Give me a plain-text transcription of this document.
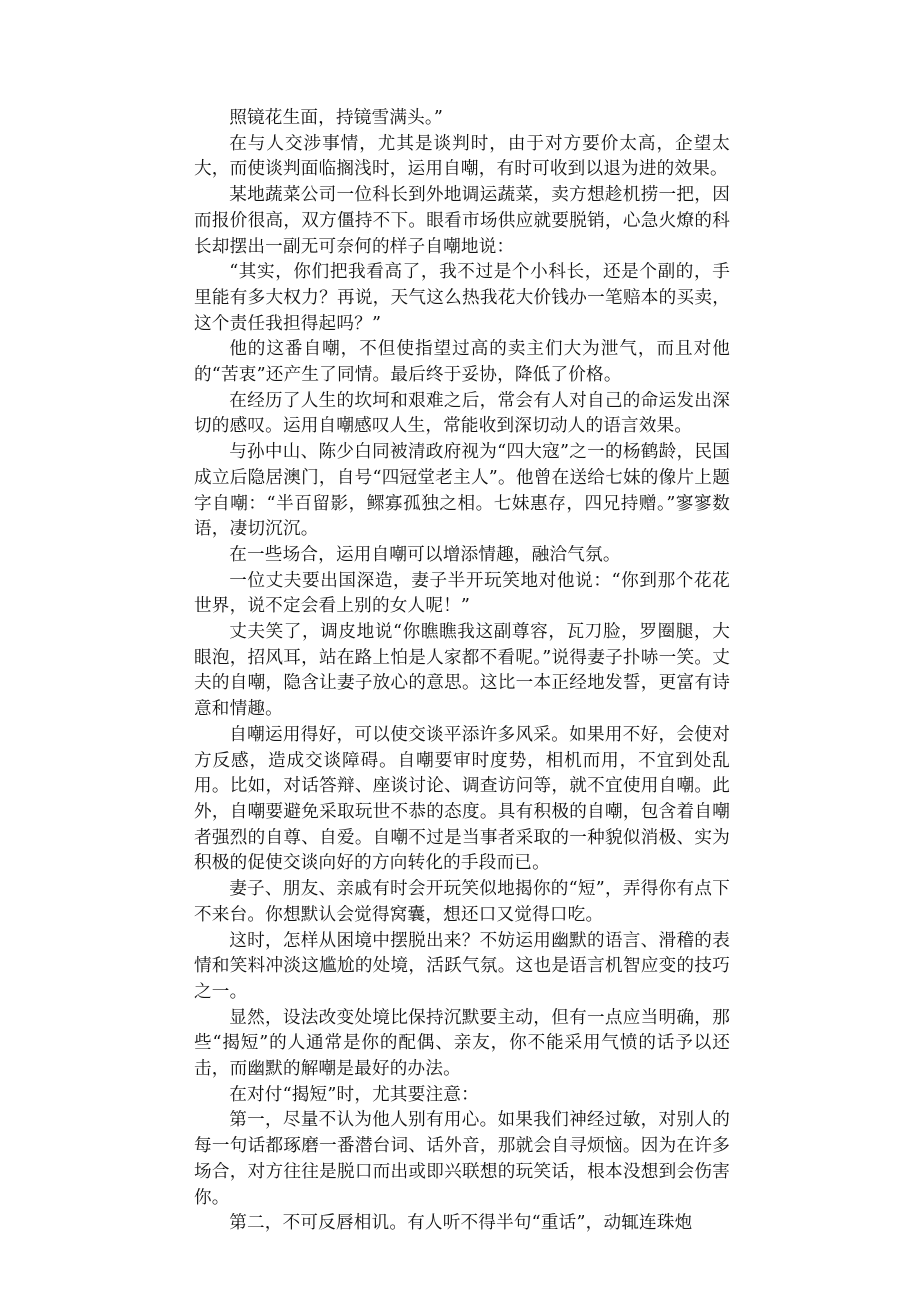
照镜花生面，持镜雪满头。”

在与人交涉事情，尤其是谈判时，由于对方要价太高，企望太大，而使谈判面临搁浅时，运用自嘲，有时可收到以退为进的效果。

某地蔬菜公司一位科长到外地调运蔬菜，卖方想趁机捞一把，因而报价很高，双方僵持不下。眼看市场供应就要脱销，心急火燎的科长却摆出一副无可奈何的样子自嘲地说：

“其实，你们把我看高了，我不过是个小科长，还是个副的，手里能有多大权力？再说，天气这么热我花大价钱办一笔赔本的买卖，这个责任我担得起吗？”

他的这番自嘲，不但使指望过高的卖主们大为泄气，而且对他的“苦衷”还产生了同情。最后终于妥协，降低了价格。

在经历了人生的坎坷和艰难之后，常会有人对自己的命运发出深切的感叹。运用自嘲感叹人生，常能收到深切动人的语言效果。

与孙中山、陈少白同被清政府视为“四大寇”之一的杨鹤龄，民国成立后隐居澳门，自号“四冠堂老主人”。他曾在送给七妹的像片上题字自嘲：“半百留影，鳏寡孤独之相。七妹惠存，四兄持赠。”寥寥数语，凄切沉沉。

在一些场合，运用自嘲可以增添情趣，融洽气氛。

一位丈夫要出国深造，妻子半开玩笑地对他说：“你到那个花花世界，说不定会看上别的女人呢！”

丈夫笑了，调皮地说“你瞧瞧我这副尊容，瓦刀脸，罗圈腿，大眼泡，招风耳，站在路上怕是人家都不看呢。”说得妻子扑哧一笑。丈夫的自嘲，隐含让妻子放心的意思。这比一本正经地发誓，更富有诗意和情趣。

自嘲运用得好，可以使交谈平添许多风采。如果用不好，会使对方反感，造成交谈障碍。自嘲要审时度势，相机而用，不宜到处乱用。比如，对话答辩、座谈讨论、调查访问等，就不宜使用自嘲。此外，自嘲要避免采取玩世不恭的态度。具有积极的自嘲，包含着自嘲者强烈的自尊、自爱。自嘲不过是当事者采取的一种貌似消极、实为积极的促使交谈向好的方向转化的手段而已。

妻子、朋友、亲戚有时会开玩笑似地揭你的“短”，弄得你有点下不来台。你想默认会觉得窝囊，想还口又觉得口吃。

这时，怎样从困境中摆脱出来？不妨运用幽默的语言、滑稽的表情和笑料冲淡这尴尬的处境，活跃气氛。这也是语言机智应变的技巧之一。

显然，设法改变处境比保持沉默要主动，但有一点应当明确，那些“揭短”的人通常是你的配偶、亲友，你不能采用气愤的话予以还击，而幽默的解嘲是最好的办法。

在对付“揭短”时，尤其要注意：

第一，尽量不认为他人别有用心。如果我们神经过敏，对别人的每一句话都琢磨一番潜台词、话外音，那就会自寻烦恼。因为在许多场合，对方往往是脱口而出或即兴联想的玩笑话，根本没想到会伤害你。

第二，不可反唇相讥。有人听不得半句“重话”，动辄连珠炮
